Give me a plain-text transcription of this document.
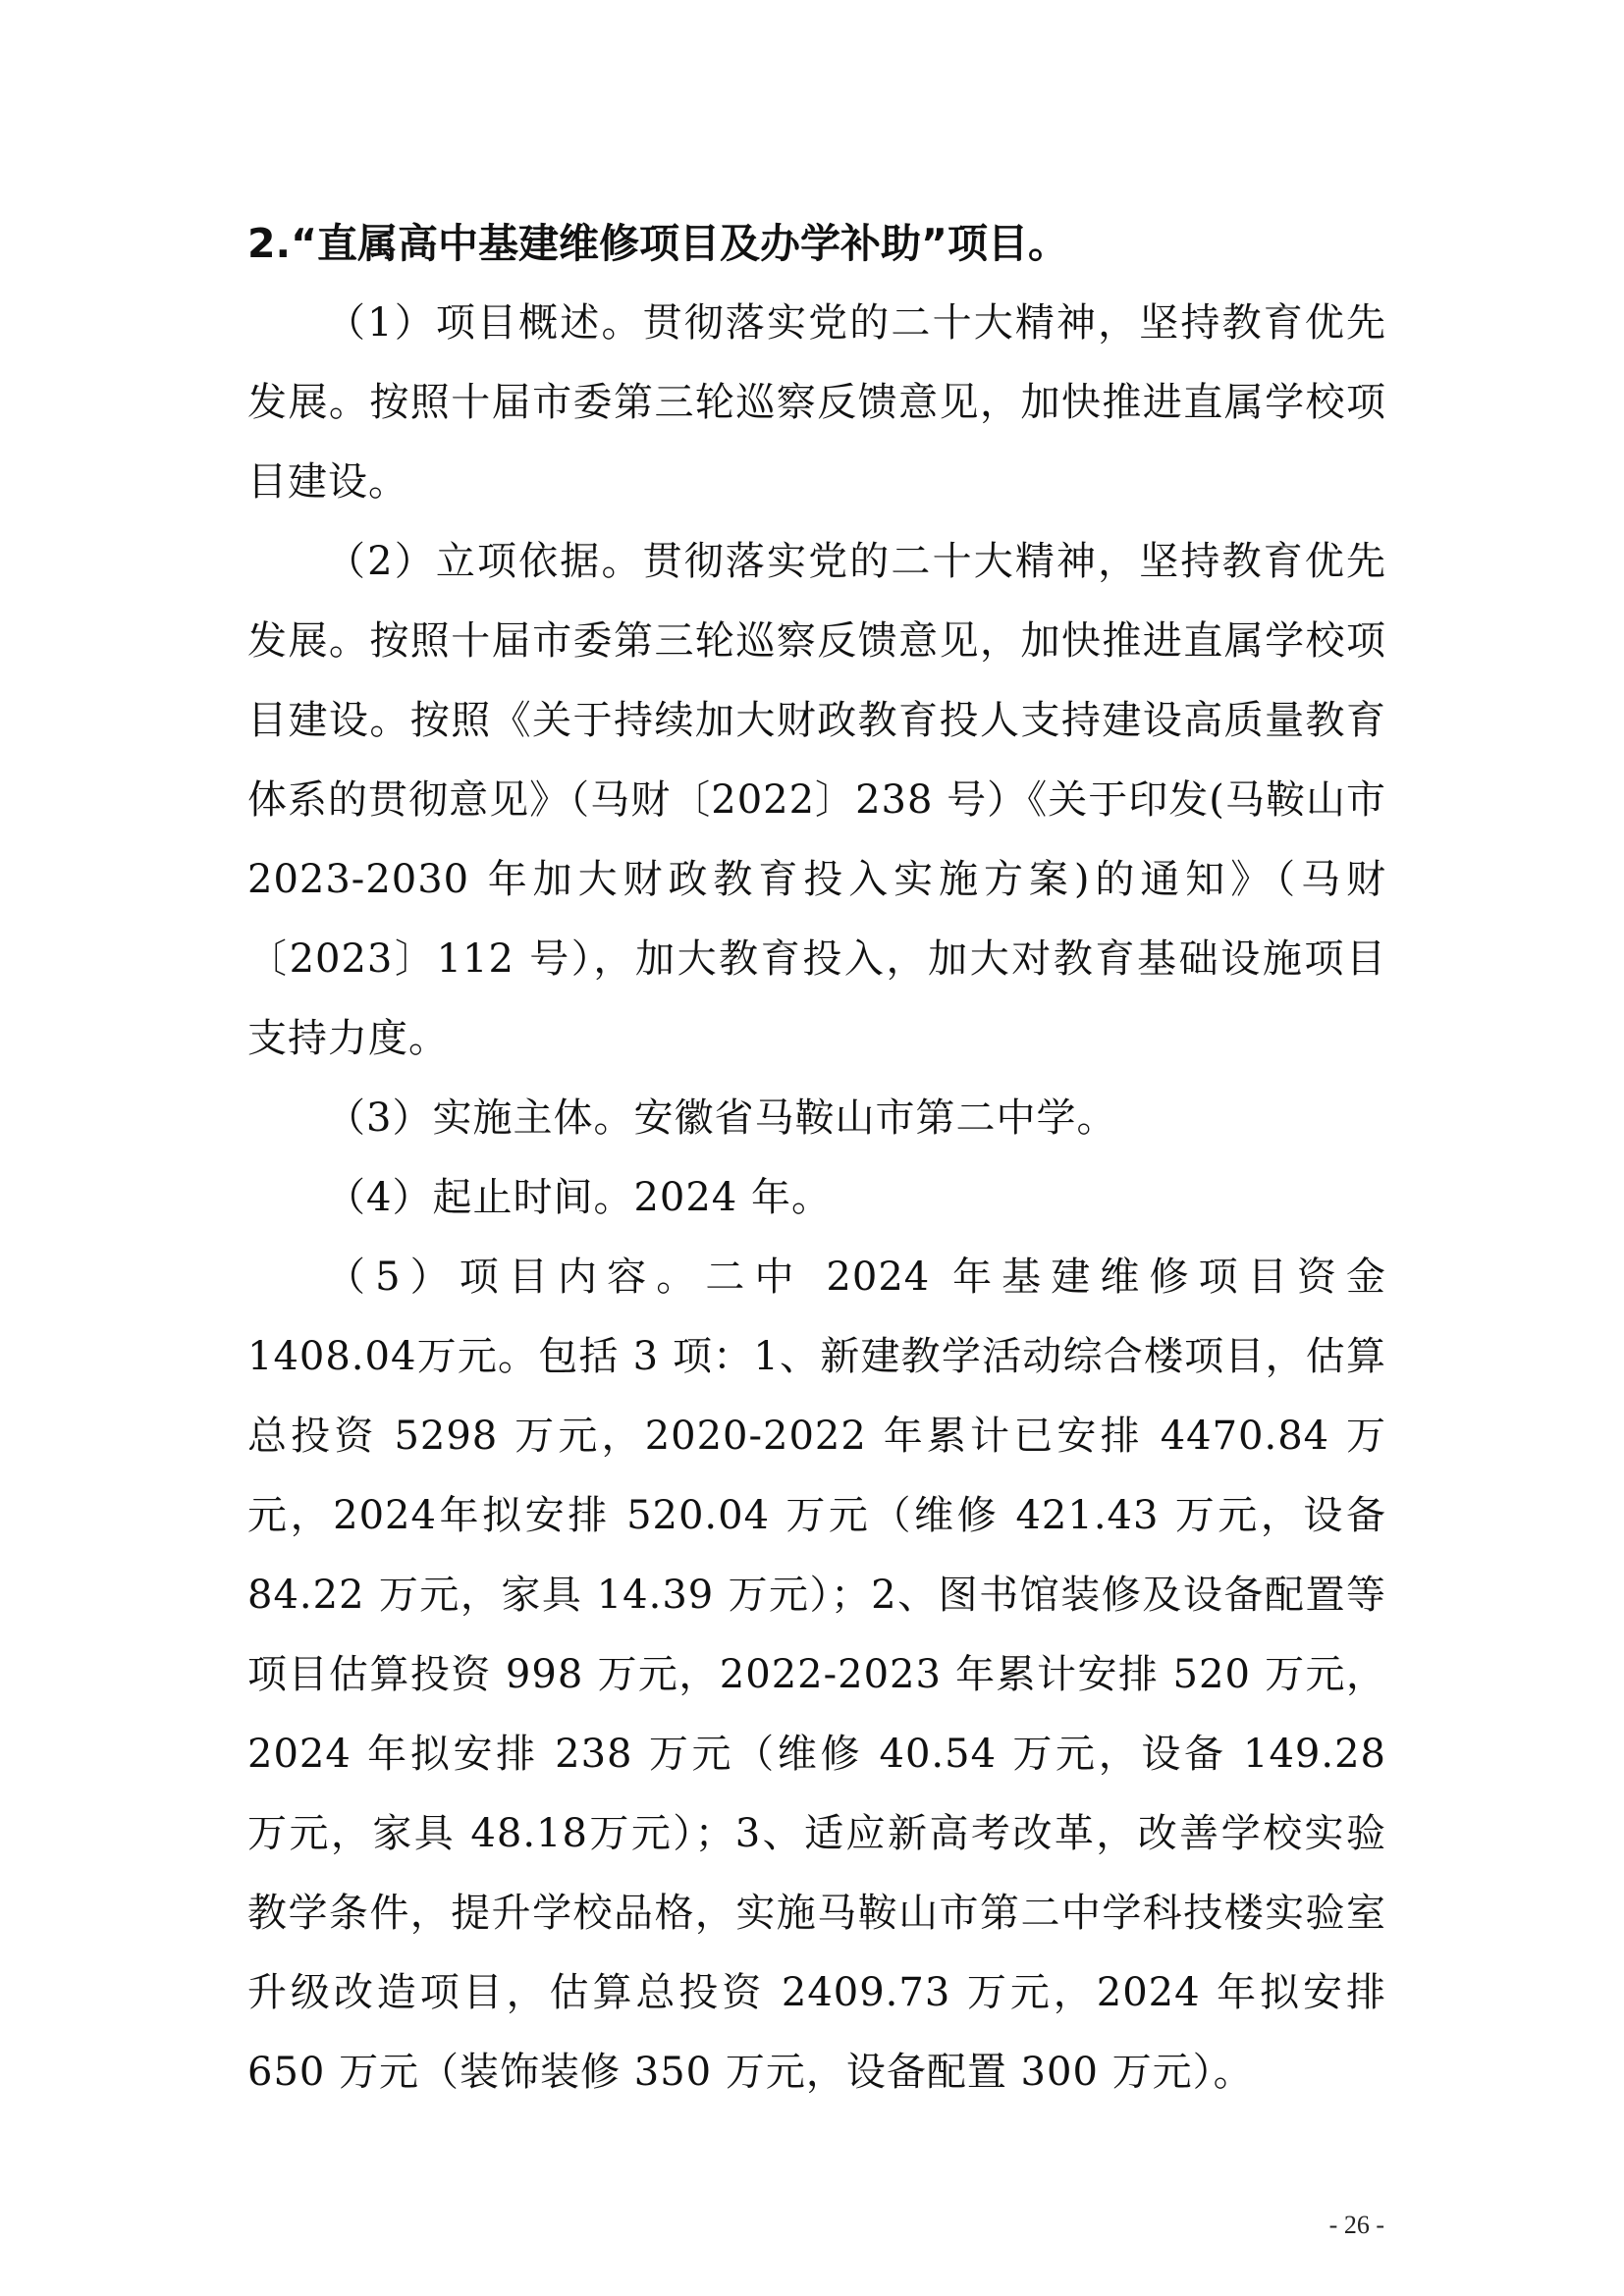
2.“直属高中基建维修项目及办学补助”项目。

（1）项目概述。贯彻落实党的二十大精神，坚持教育优先发展。按照十届市委第三轮巡察反馈意见，加快推进直属学校项目建设。

（2）立项依据。贯彻落实党的二十大精神，坚持教育优先发展。按照十届市委第三轮巡察反馈意见，加快推进直属学校项目建设。按照《关于持续加大财政教育投人支持建设高质量教育体系的贯彻意见》（马财〔2022〕238 号）《关于印发(马鞍山市 2023-2030 年加大财政教育投入实施方案)的通知》（马财〔2023〕112 号），加大教育投入，加大对教育基础设施项目支持力度。

（3）实施主体。安徽省马鞍山市第二中学。

（4）起止时间。2024 年。

（5）项目内容。二中 2024 年基建维修项目资金 1408.04万元。包括 3 项：1、新建教学活动综合楼项目，估算总投资 5298 万元，2020-2022 年累计已安排 4470.84 万元，2024年拟安排 520.04 万元（维修 421.43 万元，设备 84.22 万元，家具 14.39 万元）；2、图书馆装修及设备配置等项目估算投资 998 万元，2022-2023 年累计安排 520 万元，2024 年拟安排 238 万元（维修 40.54 万元，设备 149.28 万元，家具 48.18万元）；3、适应新高考改革，改善学校实验教学条件，提升学校品格，实施马鞍山市第二中学科技楼实验室升级改造项目，估算总投资 2409.73 万元，2024 年拟安排 650 万元（装饰装修 350 万元，设备配置 300 万元）。

- 26 -
